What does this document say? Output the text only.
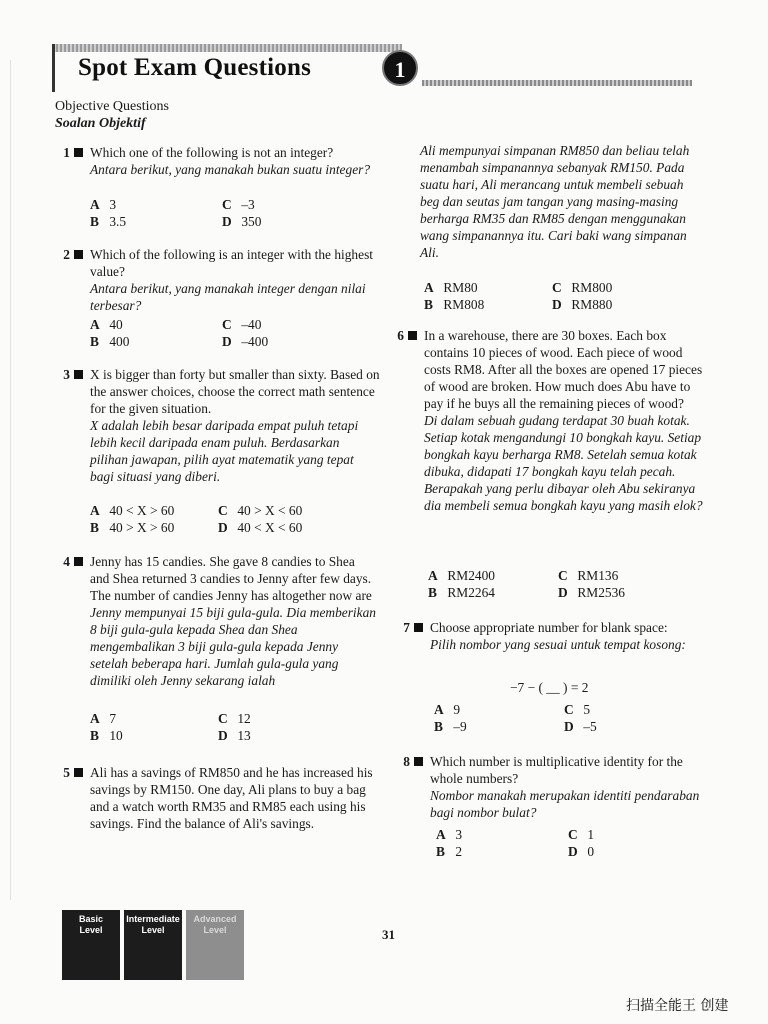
Spot Exam Questions	1
Objective Questions
Soalan Objektif
1 Which one of the following is not an integer?
Antara berikut, yang manakah bukan suatu integer?
A 3	C –3
B 3.5	D 350
2 Which of the following is an integer with the highest value?
Antara berikut, yang manakah integer dengan nilai terbesar?
A 40	C –40
B 400	D –400
3 X is bigger than forty but smaller than sixty. Based on the answer choices, choose the correct math sentence for the given situation.
X adalah lebih besar daripada empat puluh tetapi lebih kecil daripada enam puluh. Berdasarkan pilihan jawapan, pilih ayat matematik yang tepat bagi situasi yang diberi.
A 40 < X > 60	C 40 > X < 60
B 40 > X > 60	D 40 < X < 60
4 Jenny has 15 candies. She gave 8 candies to Shea and Shea returned 3 candies to Jenny after few days. The number of candies Jenny has altogether now are
Jenny mempunyai 15 biji gula-gula. Dia memberikan 8 biji gula-gula kepada Shea dan Shea mengembalikan 3 biji gula-gula kepada Jenny setelah beberapa hari. Jumlah gula-gula yang dimiliki oleh Jenny sekarang ialah
A 7	C 12
B 10	D 13
5 Ali has a savings of RM850 and he has increased his savings by RM150. One day, Ali plans to buy a bag and a watch worth RM35 and RM85 each using his savings. Find the balance of Ali's savings.
Ali mempunyai simpanan RM850 dan beliau telah menambah simpanannya sebanyak RM150. Pada suatu hari, Ali merancang untuk membeli sebuah beg dan seutas jam tangan yang masing-masing berharga RM35 dan RM85 dengan menggunakan wang simpanannya itu. Cari baki wang simpanan Ali.
A RM80	C RM800
B RM808	D RM880
6 In a warehouse, there are 30 boxes. Each box contains 10 pieces of wood. Each piece of wood costs RM8. After all the boxes are opened 17 pieces of wood are broken. How much does Abu have to pay if he buys all the remaining pieces of wood?
Di dalam sebuah gudang terdapat 30 buah kotak. Setiap kotak mengandungi 10 bongkah kayu. Setiap bongkah kayu berharga RM8. Setelah semua kotak dibuka, didapati 17 bongkah kayu telah pecah. Berapakah yang perlu dibayar oleh Abu sekiranya dia membeli semua bongkah kayu yang masih elok?
A RM2400	C RM136
B RM2264	D RM2536
7 Choose appropriate number for blank space:
Pilih nombor yang sesuai untuk tempat kosong:
−7 − ( __ ) = 2
A 9	C 5
B –9	D –5
8 Which number is multiplicative identity for the whole numbers?
Nombor manakah merupakan identiti pendaraban bagi nombor bulat?
A 3	C 1
B 2	D 0
Basic
Level
Intermediate
Level
Advanced
Level	31
扫描全能王 创建
